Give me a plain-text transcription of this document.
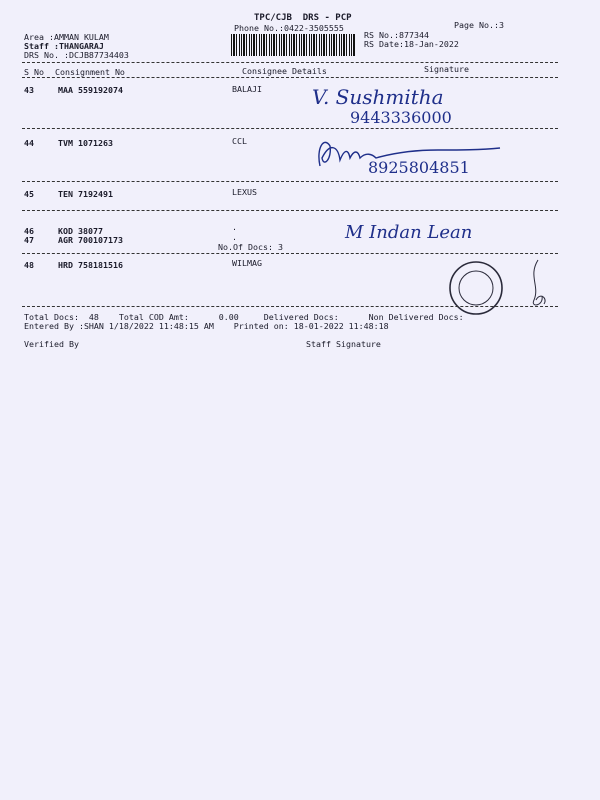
TPC/CJB  DRS - PCP
Phone No.:0422-3505555	Page No.:3
Area :AMMAN KULAM
Staff :THANGARAJ
DRS No. :DCJB87734403
RS No.:877344
RS Date:18-Jan-2022
S No Consignment No	Consignee Details	Signature
43	MAA 559192074	BALAJI	V. Sushmitha
9443336000
44	TVM 1071263	CCL
8925804851
45	TEN 7192491	LEXUS
46	KOD 38077	.
47	AGR 700107173	.
No.Of Docs: 3
M Indan Lean
48	HRD 758181516	WILMAG
Total Docs:  48    Total COD Amt:      0.00     Delivered Docs:      Non Delivered Docs:
Entered By :SHAN 1/18/2022 11:48:15 AM    Printed on: 18-01-2022 11:48:18
Verified By	Staff Signature
